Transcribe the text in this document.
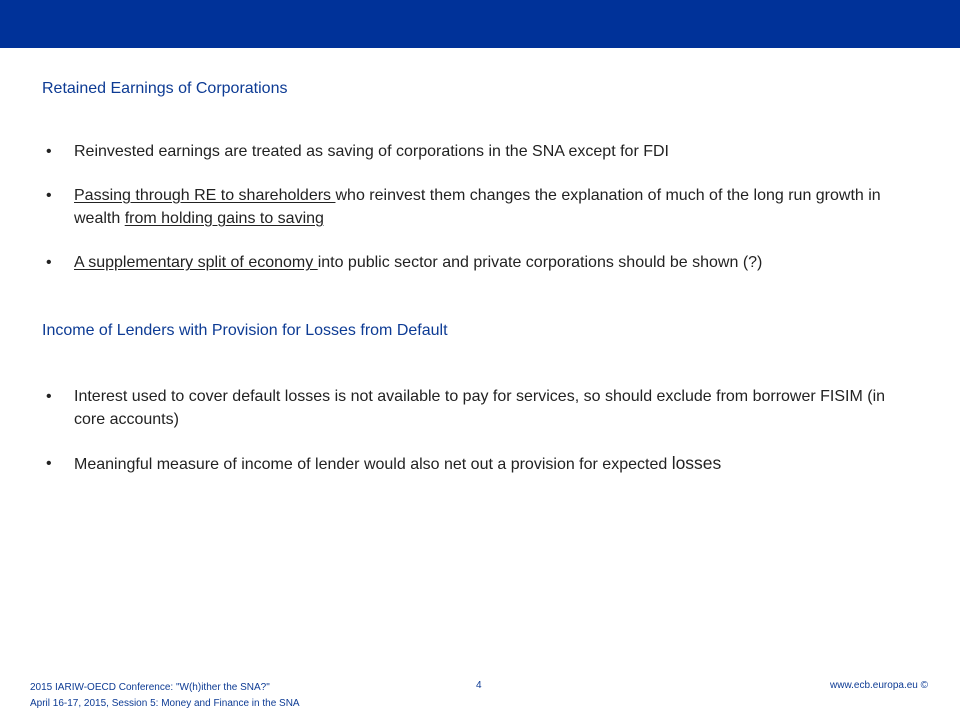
Retained Earnings of Corporations
• Reinvested earnings are treated as saving of corporations in the SNA except for FDI
• Passing through RE to shareholders who reinvest them changes the explanation of much of the long run growth in wealth from holding gains to saving
• A supplementary split of economy into public sector and private corporations should be shown (?)
Income of Lenders with Provision for Losses from Default
• Interest used to cover default losses is not available to pay for services, so should exclude from borrower FISIM (in core accounts)
• Meaningful measure of income of lender would also net out a provision for expected losses
2015 IARIW-OECD Conference: "W(h)ither the SNA?"
April 16-17, 2015, Session 5: Money and Finance in the SNA
4	www.ecb.europa.eu ©
